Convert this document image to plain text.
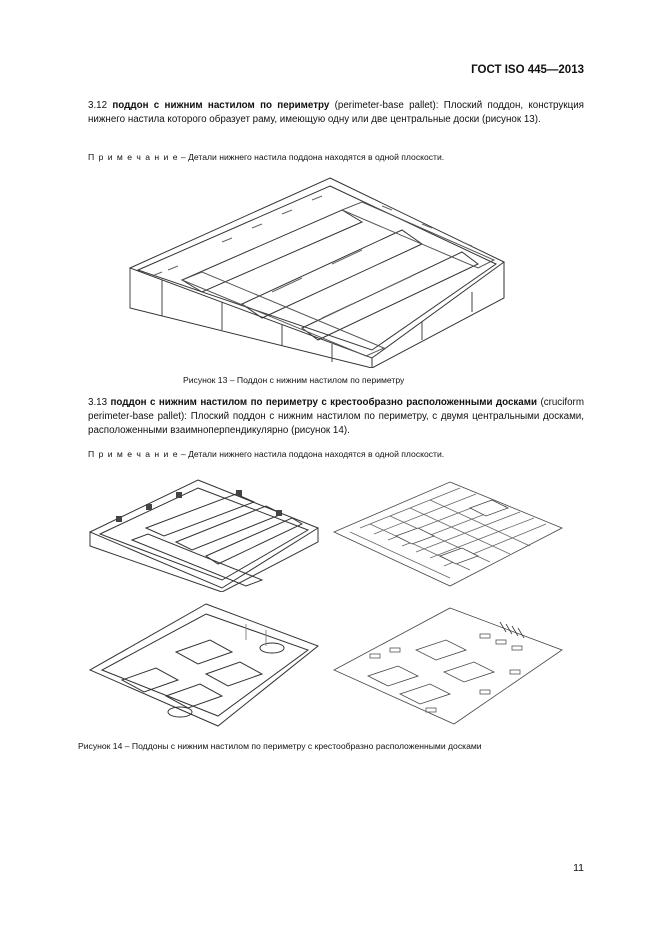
ГОСТ ISO 445—2013
3.12 поддон с нижним настилом по периметру (perimeter-base pallet): Плоский поддон, конструкция нижнего настила которого образует раму, имеющую одну или две центральные доски (рисунок 13).
П р и м е ч а н и е – Детали нижнего настила поддона находятся в одной плоскости.
Рисунок 13 – Поддон с нижним настилом по периметру
3.13 поддон с нижним настилом по периметру с крестообразно расположенными досками (cruciform perimeter-base pallet): Плоский поддон с нижним настилом по периметру, с двумя центральными досками, расположенными взаимноперпендикулярно (рисунок 14).
П р и м е ч а н и е – Детали нижнего настила поддона находятся в одной плоскости.
Рисунок 14 – Поддоны с нижним настилом по периметру с крестообразно расположенными досками
11
